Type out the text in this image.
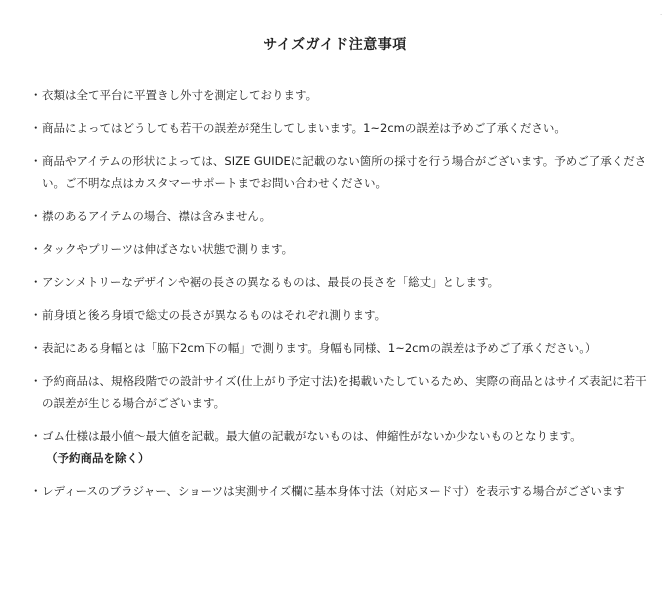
·
サイズガイド注意事項
・ 衣類は全て平台に平置きし外寸を測定しております。
・ 商品によってはどうしても若干の誤差が発生してしまいます。1~2cmの誤差は予めご了承ください。
・ 商品やアイテムの形状によっては、SIZE GUIDEに記載のない箇所の採寸を行う場合がございます。予めご了承ください。ご不明な点はカスタマーサポートまでお問い合わせください。
・ 襟のあるアイテムの場合、襟は含みません。
・ タックやプリーツは伸ばさない状態で測ります。
・ アシンメトリーなデザインや裾の長さの異なるものは、最長の長さを「総丈」とします。
・ 前身頃と後ろ身頃で総丈の長さが異なるものはそれぞれ測ります。
・ 表記にある身幅とは「脇下2cm下の幅」で測ります。身幅も同様、1~2cmの誤差は予めご了承ください。）
・ 予約商品は、規格段階での設計サイズ(仕上がり予定寸法)を掲載いたしているため、実際の商品とはサイズ表記に若干の誤差が生じる場合がございます。
・ ゴム仕様は最小値～最大値を記載。最大値の記載がないものは、伸縮性がないか少ないものとなります。
（予約商品を除く）
・ レディースのブラジャー、ショーツは実測サイズ欄に基本身体寸法（対応ヌード寸）を表示する場合がございます
